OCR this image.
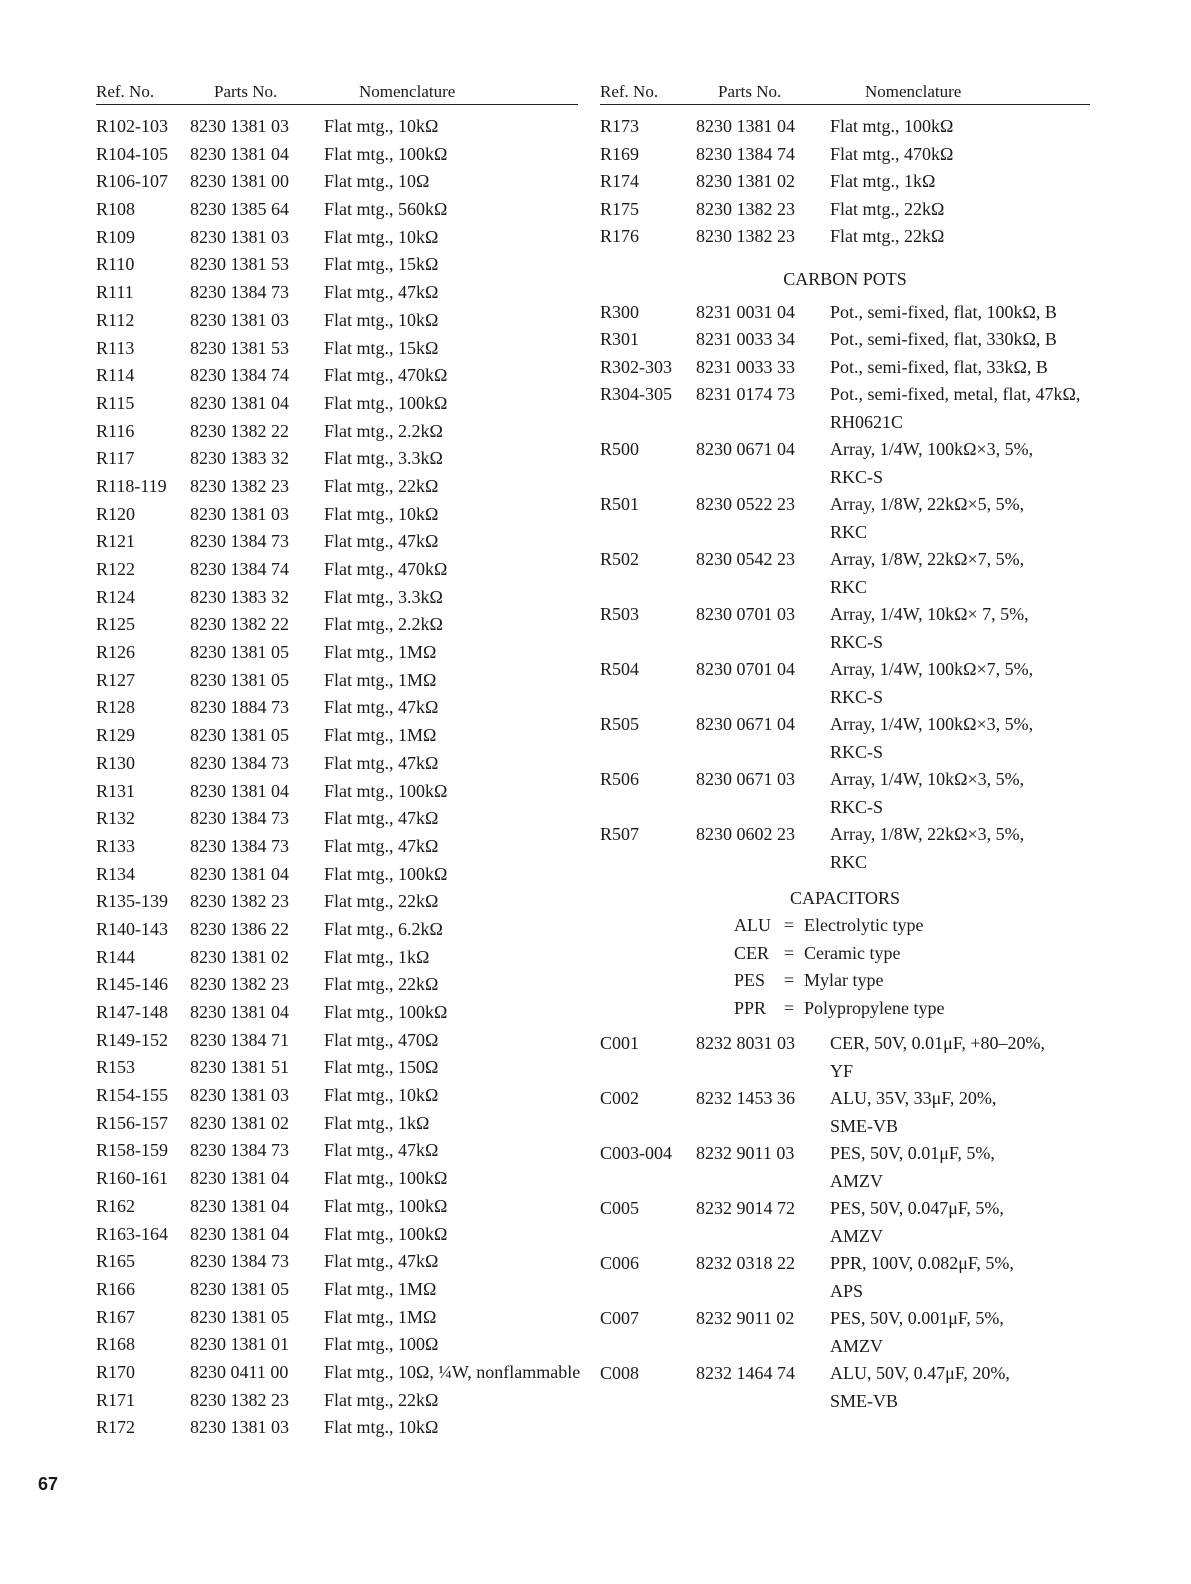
Ref. No.	Parts No.	Nomenclature
R102-103	8230 1381 03	Flat mtg., 10kΩ
R104-105	8230 1381 04	Flat mtg., 100kΩ
R106-107	8230 1381 00	Flat mtg., 10Ω
R108	8230 1385 64	Flat mtg., 560kΩ
R109	8230 1381 03	Flat mtg., 10kΩ
R110	8230 1381 53	Flat mtg., 15kΩ
R111	8230 1384 73	Flat mtg., 47kΩ
R112	8230 1381 03	Flat mtg., 10kΩ
R113	8230 1381 53	Flat mtg., 15kΩ
R114	8230 1384 74	Flat mtg., 470kΩ
R115	8230 1381 04	Flat mtg., 100kΩ
R116	8230 1382 22	Flat mtg., 2.2kΩ
R117	8230 1383 32	Flat mtg., 3.3kΩ
R118-119	8230 1382 23	Flat mtg., 22kΩ
R120	8230 1381 03	Flat mtg., 10kΩ
R121	8230 1384 73	Flat mtg., 47kΩ
R122	8230 1384 74	Flat mtg., 470kΩ
R124	8230 1383 32	Flat mtg., 3.3kΩ
R125	8230 1382 22	Flat mtg., 2.2kΩ
R126	8230 1381 05	Flat mtg., 1MΩ
R127	8230 1381 05	Flat mtg., 1MΩ
R128	8230 1884 73	Flat mtg., 47kΩ
R129	8230 1381 05	Flat mtg., 1MΩ
R130	8230 1384 73	Flat mtg., 47kΩ
R131	8230 1381 04	Flat mtg., 100kΩ
R132	8230 1384 73	Flat mtg., 47kΩ
R133	8230 1384 73	Flat mtg., 47kΩ
R134	8230 1381 04	Flat mtg., 100kΩ
R135-139	8230 1382 23	Flat mtg., 22kΩ
R140-143	8230 1386 22	Flat mtg., 6.2kΩ
R144	8230 1381 02	Flat mtg., 1kΩ
R145-146	8230 1382 23	Flat mtg., 22kΩ
R147-148	8230 1381 04	Flat mtg., 100kΩ
R149-152	8230 1384 71	Flat mtg., 470Ω
R153	8230 1381 51	Flat mtg., 150Ω
R154-155	8230 1381 03	Flat mtg., 10kΩ
R156-157	8230 1381 02	Flat mtg., 1kΩ
R158-159	8230 1384 73	Flat mtg., 47kΩ
R160-161	8230 1381 04	Flat mtg., 100kΩ
R162	8230 1381 04	Flat mtg., 100kΩ
R163-164	8230 1381 04	Flat mtg., 100kΩ
R165	8230 1384 73	Flat mtg., 47kΩ
R166	8230 1381 05	Flat mtg., 1MΩ
R167	8230 1381 05	Flat mtg., 1MΩ
R168	8230 1381 01	Flat mtg., 100Ω
R170	8230 0411 00	Flat mtg., 10Ω, ¼W, nonflammable
R171	8230 1382 23	Flat mtg., 22kΩ
R172	8230 1381 03	Flat mtg., 10kΩ
Ref. No.	Parts No.	Nomenclature
R173	8230 1381 04	Flat mtg., 100kΩ
R169	8230 1384 74	Flat mtg., 470kΩ
R174	8230 1381 02	Flat mtg., 1kΩ
R175	8230 1382 23	Flat mtg., 22kΩ
R176	8230 1382 23	Flat mtg., 22kΩ
CARBON POTS
R300	8231 0031 04	Pot., semi-fixed, flat, 100kΩ, B
R301	8231 0033 34	Pot., semi-fixed, flat, 330kΩ, B
R302-303	8231 0033 33	Pot., semi-fixed, flat, 33kΩ, B
R304-305	8231 0174 73	Pot., semi-fixed, metal, flat, 47kΩ,
RH0621C
R500	8230 0671 04	Array, 1/4W, 100kΩ×3, 5%,
RKC-S
R501	8230 0522 23	Array, 1/8W, 22kΩ×5, 5%,
RKC
R502	8230 0542 23	Array, 1/8W, 22kΩ×7, 5%,
RKC
R503	8230 0701 03	Array, 1/4W, 10kΩ× 7, 5%,
RKC-S
R504	8230 0701 04	Array, 1/4W, 100kΩ×7, 5%,
RKC-S
R505	8230 0671 04	Array, 1/4W, 100kΩ×3, 5%,
RKC-S
R506	8230 0671 03	Array, 1/4W, 10kΩ×3, 5%,
RKC-S
R507	8230 0602 23	Array, 1/8W, 22kΩ×3, 5%,
RKC
CAPACITORS
ALU = Electrolytic type
CER = Ceramic type
PES	= Mylar type
PPR = Polypropylene type
C001	8232 8031 03	CER, 50V, 0.01μF, +80–20%,
YF
C002	8232 1453 36	ALU, 35V, 33μF, 20%,
SME-VB
C003-004	8232 9011 03	PES, 50V, 0.01μF, 5%,
AMZV
C005	8232 9014 72	PES, 50V, 0.047μF, 5%,
AMZV
C006	8232 0318 22	PPR, 100V, 0.082μF, 5%,
APS
C007	8232 9011 02	PES, 50V, 0.001μF, 5%,
AMZV
C008	8232 1464 74	ALU, 50V, 0.47μF, 20%,
SME-VB
67
